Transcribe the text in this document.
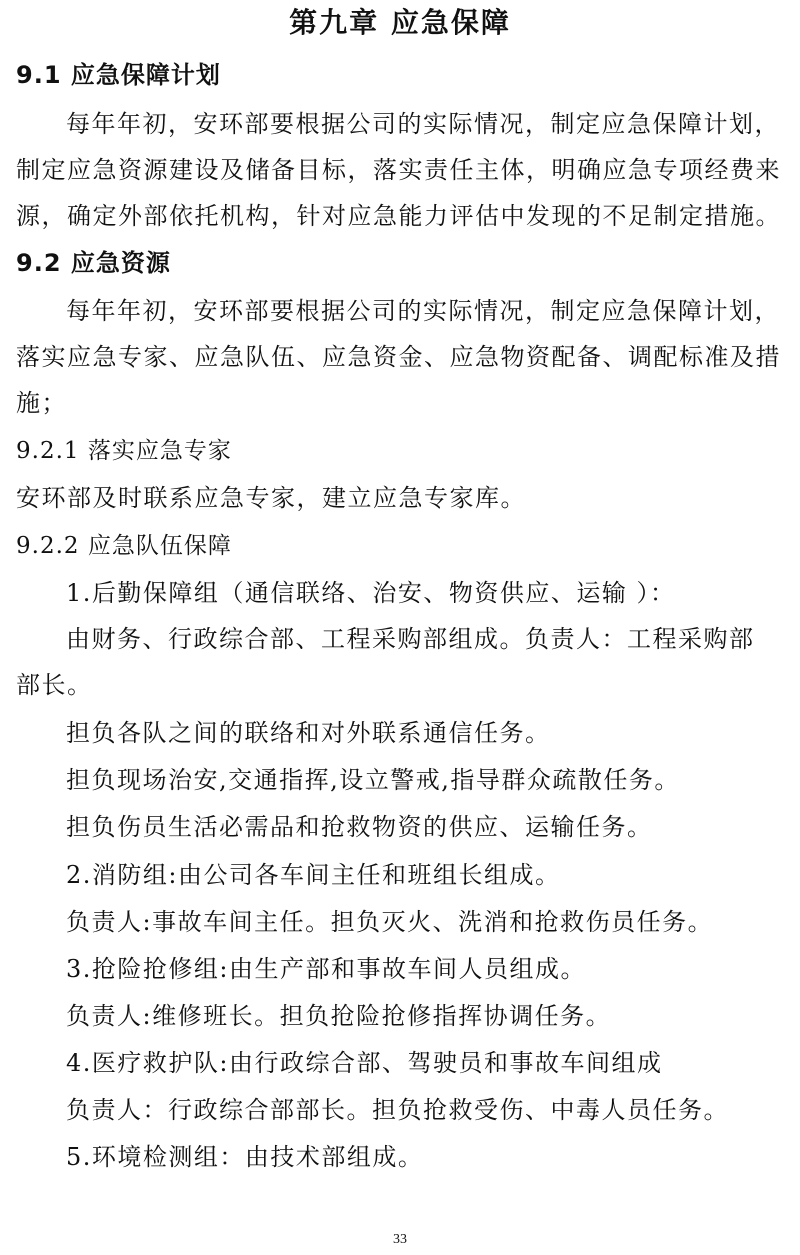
第九章 应急保障
9.1 应急保障计划
每年年初，安环部要根据公司的实际情况，制定应急保障计划，
制定应急资源建设及储备目标，落实责任主体，明确应急专项经费来
源，确定外部依托机构，针对应急能力评估中发现的不足制定措施。
9.2 应急资源
每年年初，安环部要根据公司的实际情况，制定应急保障计划，
落实应急专家、应急队伍、应急资金、应急物资配备、调配标准及措
施；
9.2.1 落实应急专家
安环部及时联系应急专家，建立应急专家库。
9.2.2 应急队伍保障
1.后勤保障组（通信联络、治安、物资供应、运输 ）：
由财务、行政综合部、工程采购部组成。负责人：工程采购部
部长。
担负各队之间的联络和对外联系通信任务。
担负现场治安,交通指挥,设立警戒,指导群众疏散任务。
担负伤员生活必需品和抢救物资的供应、运输任务。
2.消防组:由公司各车间主任和班组长组成。
负责人:事故车间主任。担负灭火、洗消和抢救伤员任务。
3.抢险抢修组:由生产部和事故车间人员组成。
负责人:维修班长。担负抢险抢修指挥协调任务。
4.医疗救护队:由行政综合部、驾驶员和事故车间组成
负责人：行政综合部部长。担负抢救受伤、中毒人员任务。
5.环境检测组：由技术部组成。
33
